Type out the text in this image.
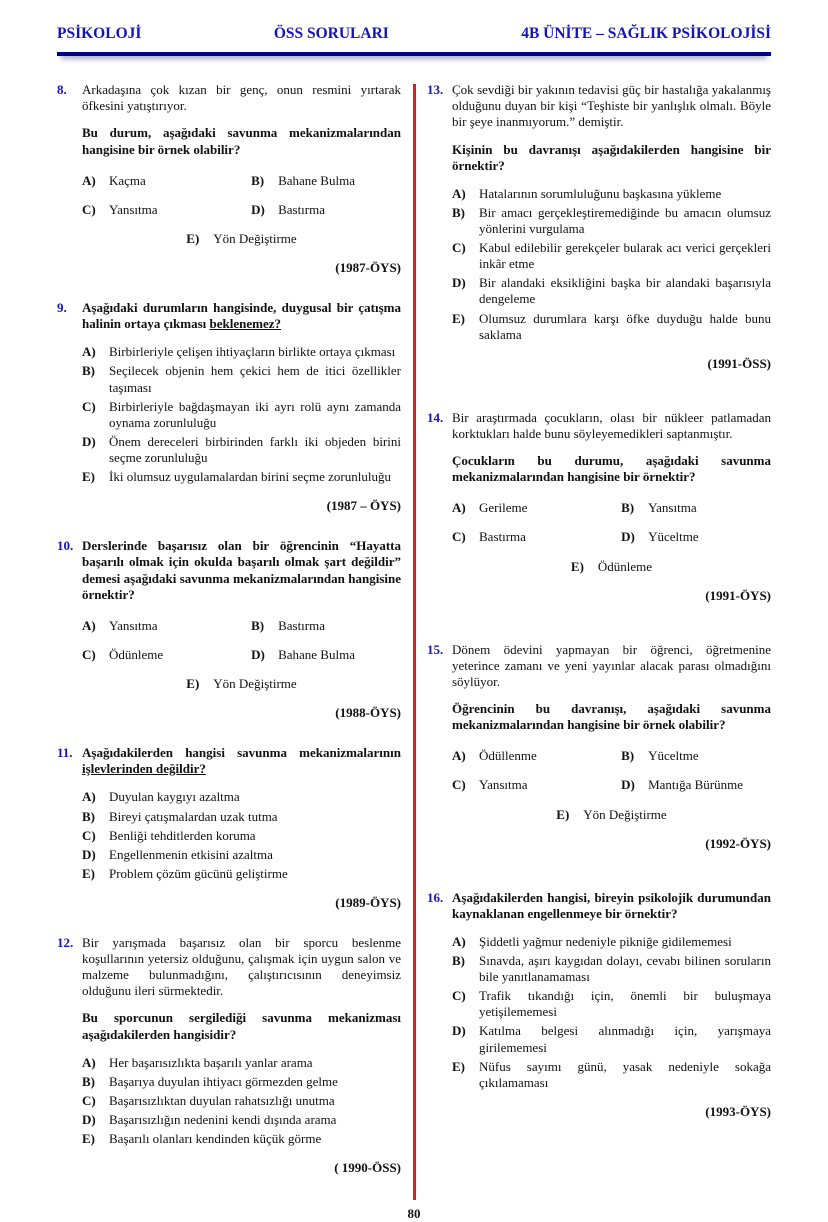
PSİKOLOJİ	ÖSS SORULARI	4B ÜNİTE – SAĞLIK PSİKOLOJİSİ
8.	Arkadaşına çok kızan bir genç, onun resmini yırtarak öfkesini yatıştırıyor.

Bu durum, aşağıdaki savunma mekanizmalarından hangisine bir örnek olabilir?

A)	Kaçma	B)	Bahane Bulma
C)	Yansıtma	D)	Bastırma
E)	Yön Değiştirme
(1987-ÖYS)
9.	Aşağıdaki durumların hangisinde, duygusal bir çatışma halinin ortaya çıkması beklenemez?

A)	Birbirleriyle çelişen ihtiyaçların birlikte ortaya çıkması
B)	Seçilecek objenin hem çekici hem de itici özellikler taşıması
C)	Birbirleriyle bağdaşmayan iki ayrı rolü aynı zamanda oynama zorunluluğu
D)	Önem dereceleri birbirinden farklı iki objeden birini seçme zorunluluğu
E)	İki olumsuz uygulamalardan birini seçme zorunluluğu
(1987 – ÖYS)
10. Derslerinde başarısız olan bir öğrencinin “Hayatta başarılı olmak için okulda başarılı olmak şart değildir” demesi aşağıdaki savunma mekanizmalarından hangisine örnektir?

A)	Yansıtma	B)	Bastırma
C)	Ödünleme	D)	Bahane Bulma
E)	Yön Değiştirme
(1988-ÖYS)
11. Aşağıdakilerden hangisi savunma mekanizmalarının işlevlerinden değildir?

A)	Duyulan kaygıyı azaltma
B)	Bireyi çatışmalardan uzak tutma
C)	Benliği tehditlerden koruma
D)	Engellenmenin etkisini azaltma
E)	Problem çözüm gücünü geliştirme
(1989-ÖYS)
12. Bir yarışmada başarısız olan bir sporcu beslenme koşullarının yetersiz olduğunu, çalışmak için uygun salon ve malzeme bulunmadığını, çalıştırıcısının deneyimsiz olduğunu ileri sürmektedir.

Bu sporcunun sergilediği savunma mekanizması aşağıdakilerden hangisidir?

A)	Her başarısızlıkta başarılı yanlar arama
B)	Başarıya duyulan ihtiyacı görmezden gelme
C)	Başarısızlıktan duyulan rahatsızlığı unutma
D)	Başarısızlığın nedenini kendi dışında arama
E)	Başarılı olanları kendinden küçük görme
( 1990-ÖSS)
13. Çok sevdiği bir yakının tedavisi güç bir hastalığa yakalanmış olduğunu duyan bir kişi “Teşhiste bir yanlışlık olmalı. Böyle bir şeye inanmıyorum.” demiştir.

Kişinin bu davranışı aşağıdakilerden hangisine bir örnektir?

A)	Hatalarının sorumluluğunu başkasına yükleme
B)	Bir amacı gerçekleştiremediğinde bu amacın olumsuz yönlerini vurgulama
C)	Kabul edilebilir gerekçeler bularak acı verici gerçekleri inkâr etme
D)	Bir alandaki eksikliğini başka bir alandaki başarısıyla dengeleme
E)	Olumsuz durumlara karşı öfke duyduğu halde bunu saklama
(1991-ÖSS)
14. Bir araştırmada çocukların, olası bir nükleer patlamadan korktukları halde bunu söyleyemedikleri saptanmıştır.

Çocukların bu durumu, aşağıdaki savunma mekanizmalarından hangisine bir örnektir?

A)	Gerileme	B)	Yansıtma
C)	Bastırma	D)	Yüceltme
E)	Ödünleme
(1991-ÖYS)
15. Dönem ödevini yapmayan bir öğrenci, öğretmenine yeterince zamanı ve yeni yayınlar alacak parası olmadığını söylüyor.

Öğrencinin bu davranışı, aşağıdaki savunma mekanizmalarından hangisine bir örnek olabilir?

A)	Ödüllenme	B)	Yüceltme
C)	Yansıtma	D)	Mantığa Bürünme
E)	Yön Değiştirme
(1992-ÖYS)
16. Aşağıdakilerden hangisi, bireyin psikolojik durumundan kaynaklanan engellenmeye bir örnektir?

A)	Şiddetli yağmur nedeniyle pikniğe gidilememesi
B)	Sınavda, aşırı kaygıdan dolayı, cevabı bilinen soruların bile yanıtlanamaması
C)	Trafik tıkandığı için, önemli bir buluşmaya yetişilememesi
D)	Katılma belgesi alınmadığı için, yarışmaya girilememesi
E)	Nüfus sayımı günü, yasak nedeniyle sokağa çıkılamaması
(1993-ÖYS)
80
